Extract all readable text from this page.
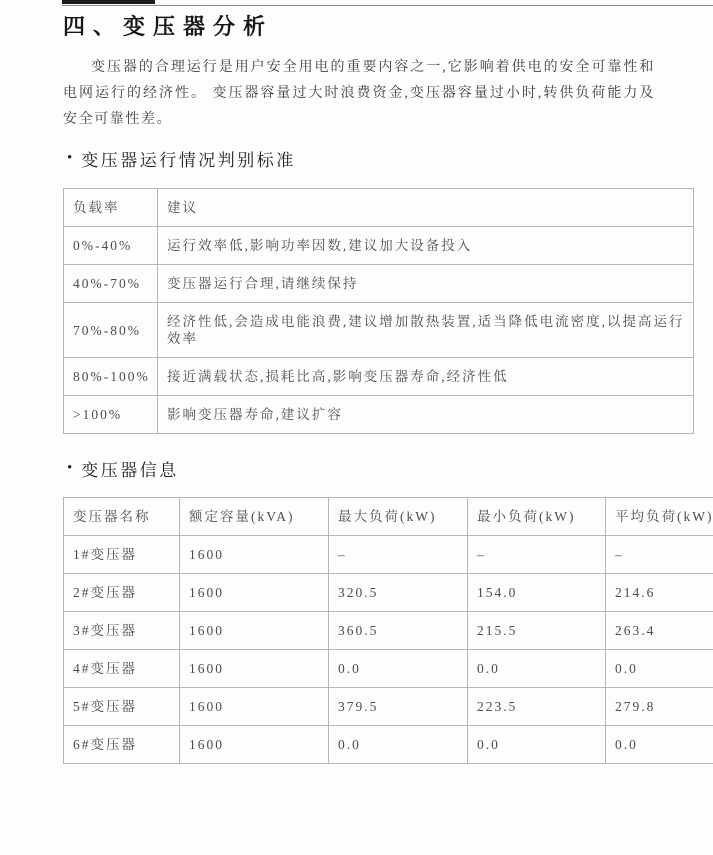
四、变压器分析

变压器的合理运行是用户安全用电的重要内容之一,它影响着供电的安全可靠性和电网运行的经济性。 变压器容量过大时浪费资金,变压器容量过小时,转供负荷能力及安全可靠性差。

• 变压器运行情况判别标准
负载率	建议
0%-40%	运行效率低,影响功率因数,建议加大设备投入
40%-70%	变压器运行合理,请继续保持
70%-80%	经济性低,会造成电能浪费,建议增加散热装置,适当降低电流密度,以提高运行效率
80%-100%	接近满载状态,损耗比高,影响变压器寿命,经济性低
>100%	影响变压器寿命,建议扩容
• 变压器信息
变压器名称	额定容量(kVA)	最大负荷(kW)	最小负荷(kW)	平均负荷(kW)
1#变压器	1600	–	–	–
2#变压器	1600	320.5	154.0	214.6
3#变压器	1600	360.5	215.5	263.4
4#变压器	1600	0.0	0.0	0.0
5#变压器	1600	379.5	223.5	279.8
6#变压器	1600	0.0	0.0	0.0
